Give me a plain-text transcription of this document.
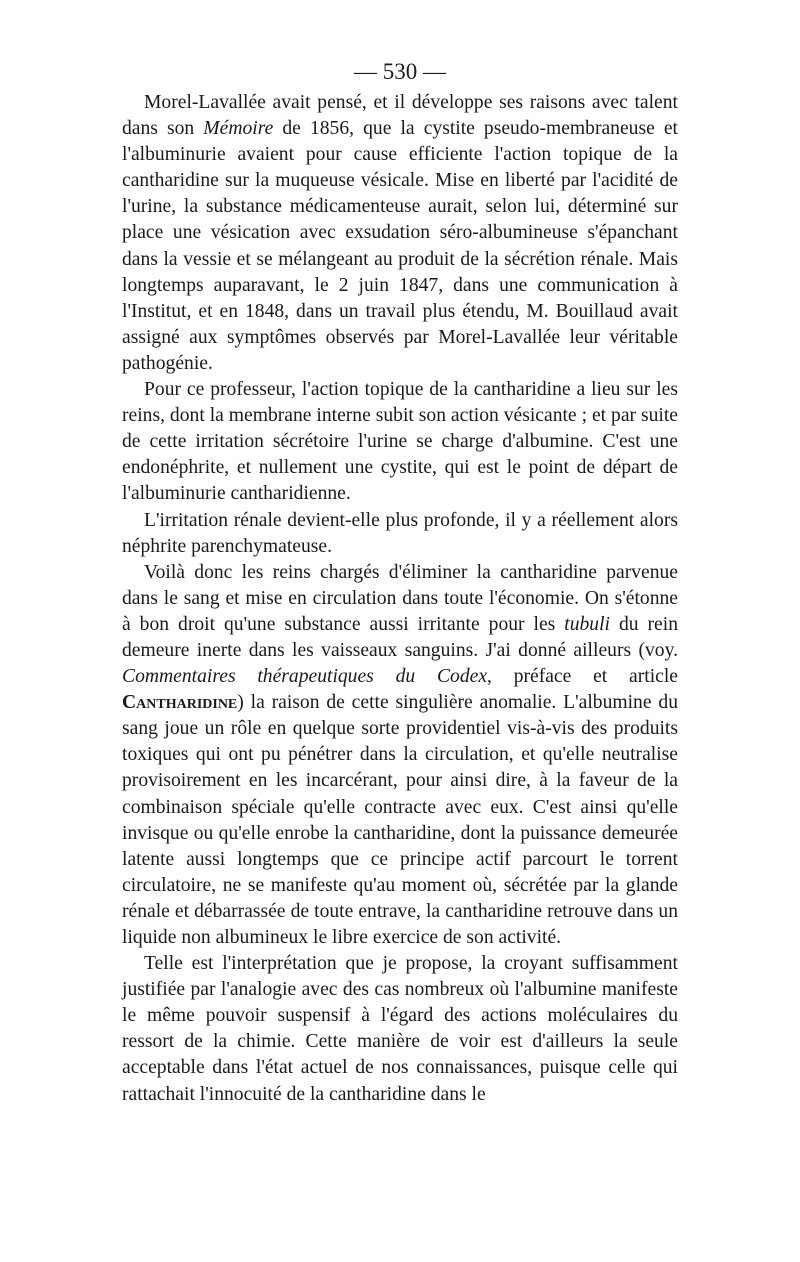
— 530 —

Morel-Lavallée avait pensé, et il développe ses raisons avec talent dans son Mémoire de 1856, que la cystite pseudo-membraneuse et l'albuminurie avaient pour cause efficiente l'action topique de la cantharidine sur la muqueuse vésicale. Mise en liberté par l'acidité de l'urine, la substance médicamenteuse aurait, selon lui, déterminé sur place une vésication avec exsudation séro-albumineuse s'épanchant dans la vessie et se mélangeant au produit de la sécrétion rénale. Mais longtemps auparavant, le 2 juin 1847, dans une communication à l'Institut, et en 1848, dans un travail plus étendu, M. Bouillaud avait assigné aux symptômes observés par Morel-Lavallée leur véritable pathogénie.

Pour ce professeur, l'action topique de la cantharidine a lieu sur les reins, dont la membrane interne subit son action vésicante ; et par suite de cette irritation sécrétoire l'urine se charge d'albumine. C'est une endonéphrite, et nullement une cystite, qui est le point de départ de l'albuminurie cantharidienne.

L'irritation rénale devient-elle plus profonde, il y a réellement alors néphrite parenchymateuse.

Voilà donc les reins chargés d'éliminer la cantharidine parvenue dans le sang et mise en circulation dans toute l'économie. On s'étonne à bon droit qu'une substance aussi irritante pour les tubuli du rein demeure inerte dans les vaisseaux sanguins. J'ai donné ailleurs (voy. Commentaires thérapeutiques du Codex, préface et article Cantharidine) la raison de cette singulière anomalie. L'albumine du sang joue un rôle en quelque sorte providentiel vis-à-vis des produits toxiques qui ont pu pénétrer dans la circulation, et qu'elle neutralise provisoirement en les incarcérant, pour ainsi dire, à la faveur de la combinaison spéciale qu'elle contracte avec eux. C'est ainsi qu'elle invisque ou qu'elle enrobe la cantharidine, dont la puissance demeurée latente aussi longtemps que ce principe actif parcourt le torrent circulatoire, ne se manifeste qu'au moment où, sécrétée par la glande rénale et débarrassée de toute entrave, la cantharidine retrouve dans un liquide non albumineux le libre exercice de son activité.

Telle est l'interprétation que je propose, la croyant suffisamment justifiée par l'analogie avec des cas nombreux où l'albumine manifeste le même pouvoir suspensif à l'égard des actions moléculaires du ressort de la chimie. Cette manière de voir est d'ailleurs la seule acceptable dans l'état actuel de nos connaissances, puisque celle qui rattachait l'innocuité de la cantharidine dans le
